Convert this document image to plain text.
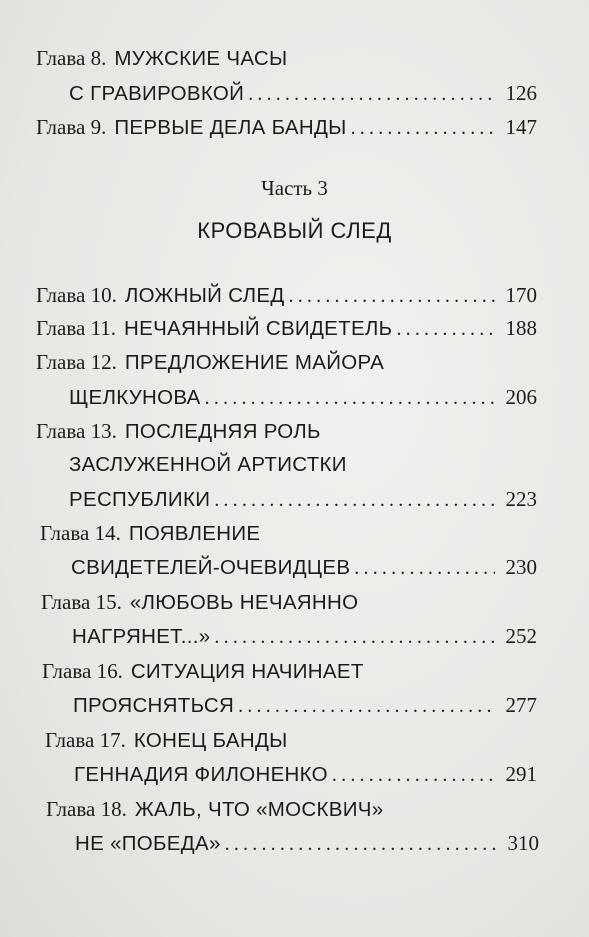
Глава 8. МУЖСКИЕ ЧАСЫ
С ГРАВИРОВКОЙ .....	126
Глава 9. ПЕРВЫЕ ДЕЛА БАНДЫ .....	147
Часть 3
КРОВАВЫЙ СЛЕД
Глава 10. ЛОЖНЫЙ СЛЕД .....	170
Глава 11. НЕЧАЯННЫЙ СВИДЕТЕЛЬ .....	188
Глава 12. ПРЕДЛОЖЕНИЕ МАЙОРА
ЩЕЛКУНОВА .....	206
Глава 13. ПОСЛЕДНЯЯ РОЛЬ
ЗАСЛУЖЕННОЙ АРТИСТКИ
РЕСПУБЛИКИ .....	223
Глава 14. ПОЯВЛЕНИЕ
СВИДЕТЕЛЕЙ-ОЧЕВИДЦЕВ .....	230
Глава 15. «ЛЮБОВЬ НЕЧАЯННО
НАГРЯНЕТ...» .....	252
Глава 16. СИТУАЦИЯ НАЧИНАЕТ
ПРОЯСНЯТЬСЯ .....	277
Глава 17. КОНЕЦ БАНДЫ
ГЕННАДИЯ ФИЛОНЕНКО .....	291
Глава 18. ЖАЛЬ, ЧТО «МОСКВИЧ»
НЕ «ПОБЕДА» .....	310
